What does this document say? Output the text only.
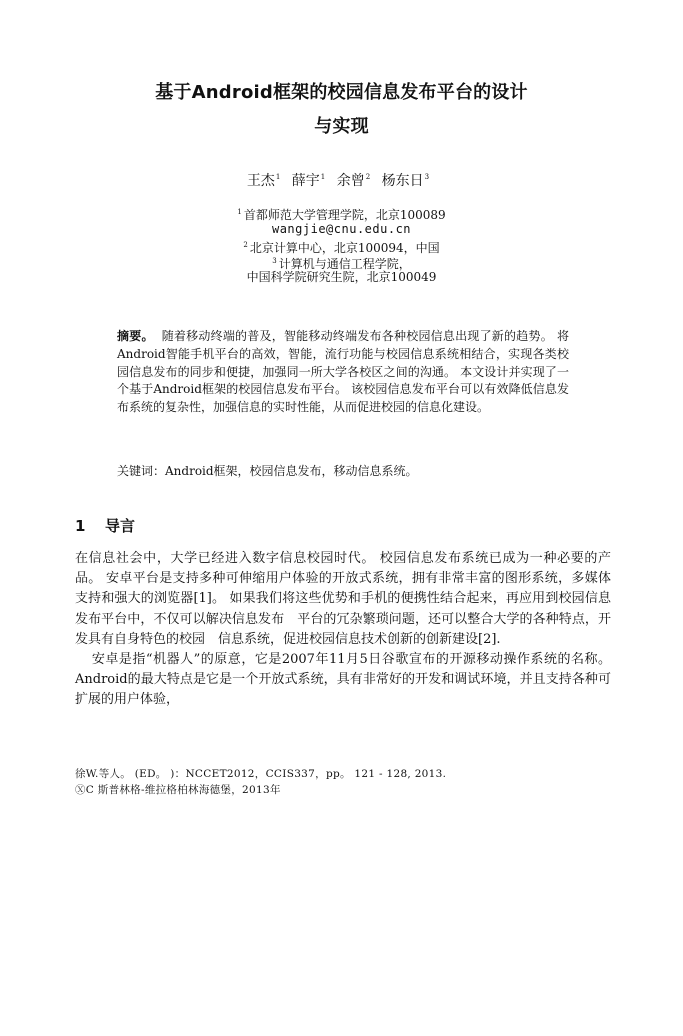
基于Android框架的校园信息发布平台的设计
与实现
王杰$^1$ 薛宇$^1$ 余曾$^2$ 杨东日$^3$
$^1$ 首都师范大学管理学院，北京100089
wangjie@cnu.edu.cn
$^2$ 北京计算中心，北京100094，中国
$^3$ 计算机与通信工程学院，
中国科学院研究生院，北京100049
摘要。 随着移动终端的普及，智能移动终端发布各种校园信息出现了新的趋势。 将Android智能手机平台的高效，智能，流行功能与校园信息系统相结合，实现各类校园信息发布的同步和便捷，加强同一所大学各校区之间的沟通。 本文设计并实现了一个基于Android框架的校园信息发布平台。 该校园信息发布平台可以有效降低信息发布系统的复杂性，加强信息的实时性能，从而促进校园的信息化建设。
关键词：Android框架，校园信息发布，移动信息系统。
1 导言

在信息社会中，大学已经进入数字信息校园时代。 校园信息发布系统已成为一种必要的产品。 安卓平台是支持多种可伸缩用户体验的开放式系统，拥有非常丰富的图形系统，多媒体支持和强大的浏览器[1]。 如果我们将这些优势和手机的便携性结合起来，再应用到校园信息发布平台中，不仅可以解决信息发布　平台的冗杂繁琐问题，还可以整合大学的各种特点，开发具有自身特色的校园　信息系统，促进校园信息技术创新的创新建设[2].

安卓是指“机器人”的原意，它是2007年11月5日谷歌宣布的开源移动操作系统的名称。 Android的最大特点是它是一个开放式系统，具有非常好的开发和调试环境，并且支持各种可扩展的用户体验，

徐W.等人。 (ED。 )：NCCET2012，CCIS337，pp。 121 - 128, 2013.
ⓍC 斯普林格-维拉格柏林海德堡，2013年
